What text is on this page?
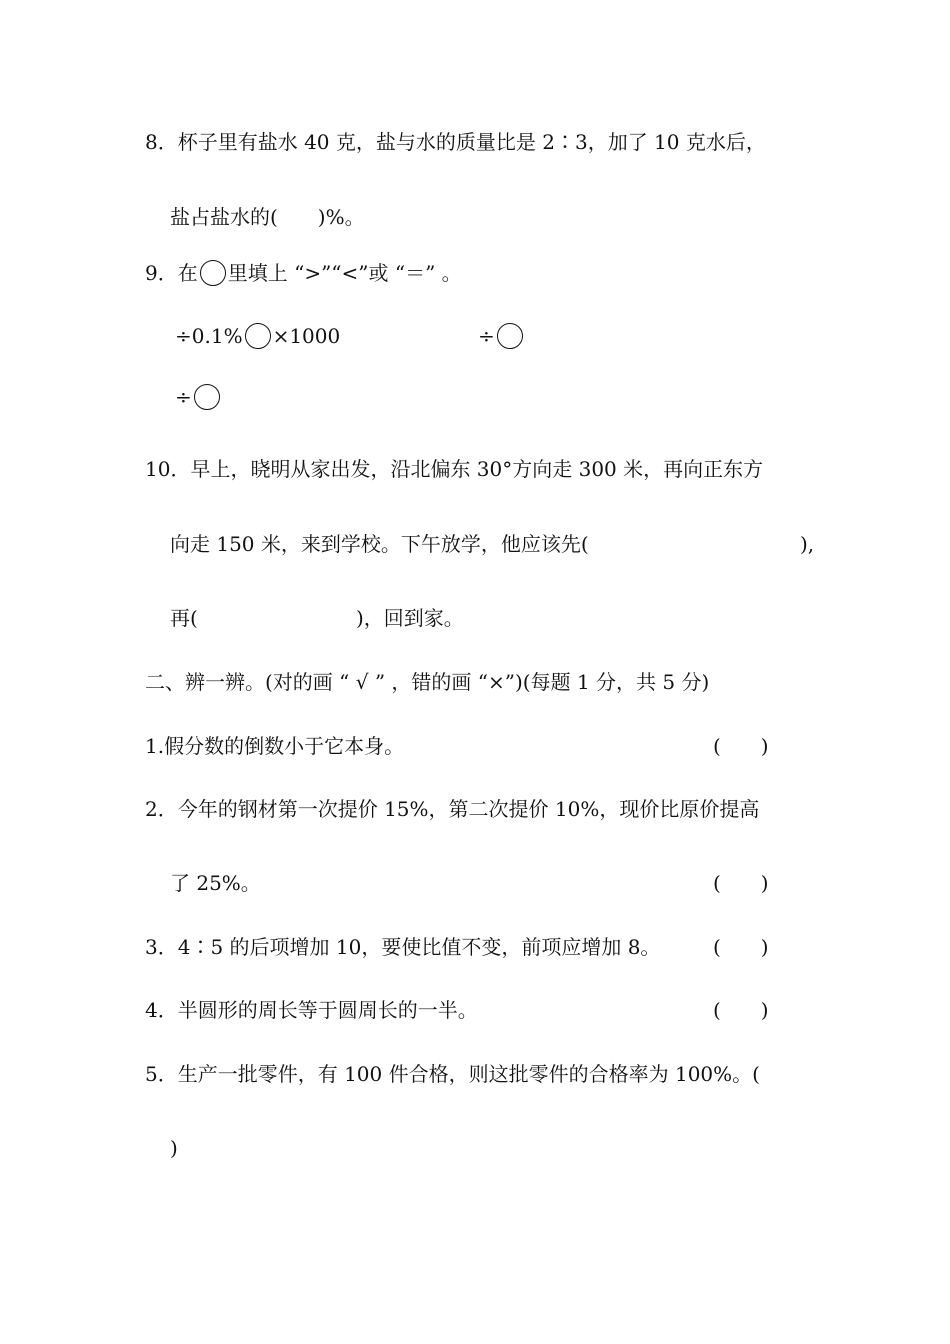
8．杯子里有盐水 40 克，盐与水的质量比是 2∶3，加了 10 克水后，
盐占盐水的(　　)%。
9．在 里填上 “>”“<”或 “＝” 。
÷0.1% ×1000	÷
÷
10．早上，晓明从家出发，沿北偏东 30°方向走 300 米，再向正东方
向走 150 米，来到学校。下午放学，他应该先(	),
再(	)，回到家。
二、辨一辨。(对的画 “ √ ” ，错的画 “×”)(每题 1 分，共 5 分)
1.假分数的倒数小于它本身。	(　　)
2．今年的钢材第一次提价 15%，第二次提价 10%，现价比原价提高
了 25%。	(　　)
3．4∶5 的后项增加 10，要使比值不变，前项应增加 8。	(　　)
4．半圆形的周长等于圆周长的一半。	(　　)
5．生产一批零件，有 100 件合格，则这批零件的合格率为 100%。(
)
